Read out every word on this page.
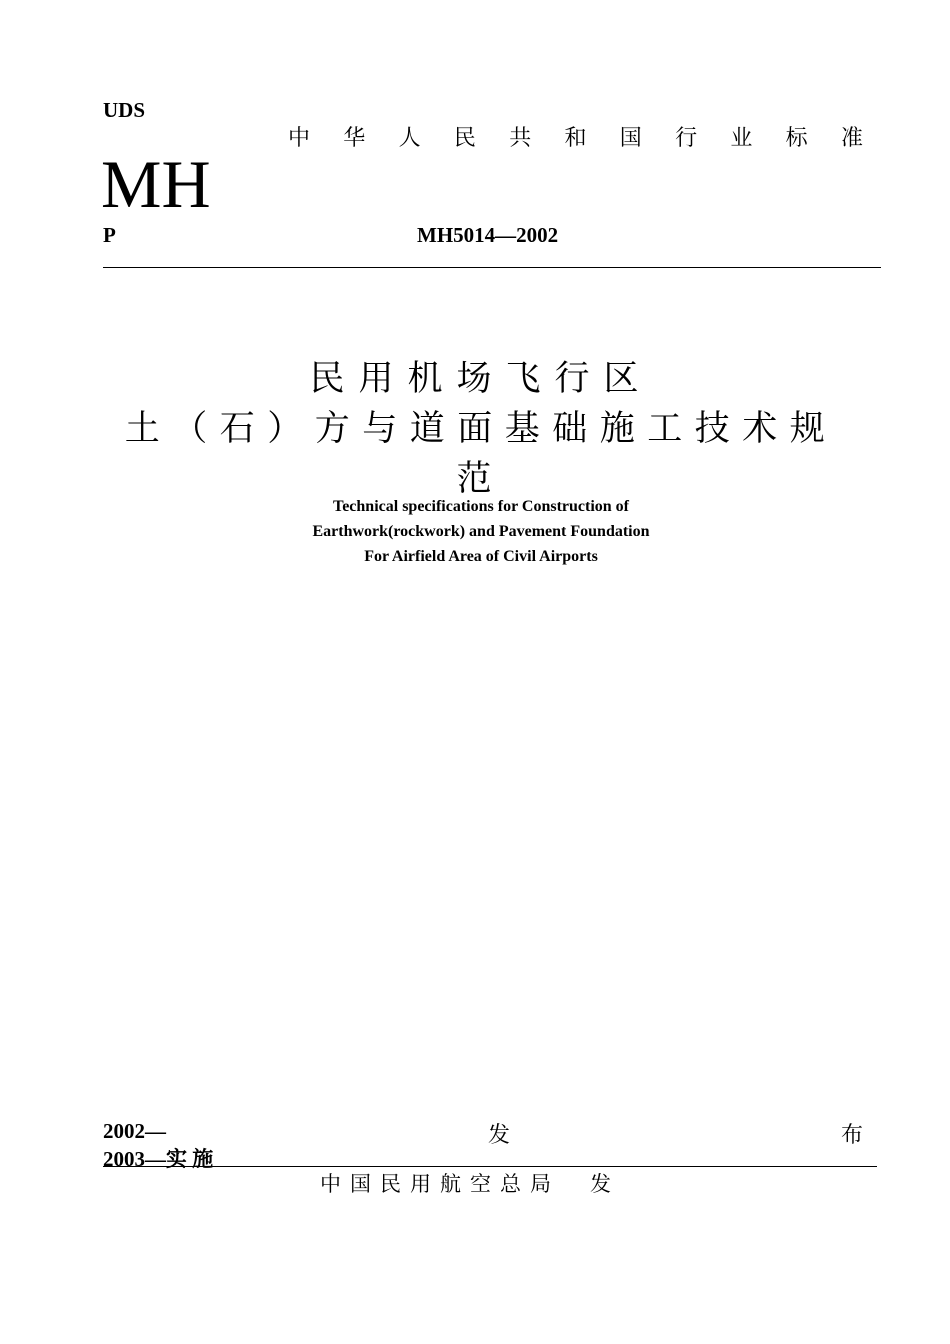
UDS
中 华 人 民 共 和 国 行 业 标 准
MH
P	MH5014—2002
民用机场飞行区
土（石）方与道面基础施工技术规
范
Technical specifications for Construction of
Earthwork(rockwork) and Pavement Foundation
For Airfield Area of Civil Airports
2002—	发	布
2003—实 施
中国民用航空总局　发
